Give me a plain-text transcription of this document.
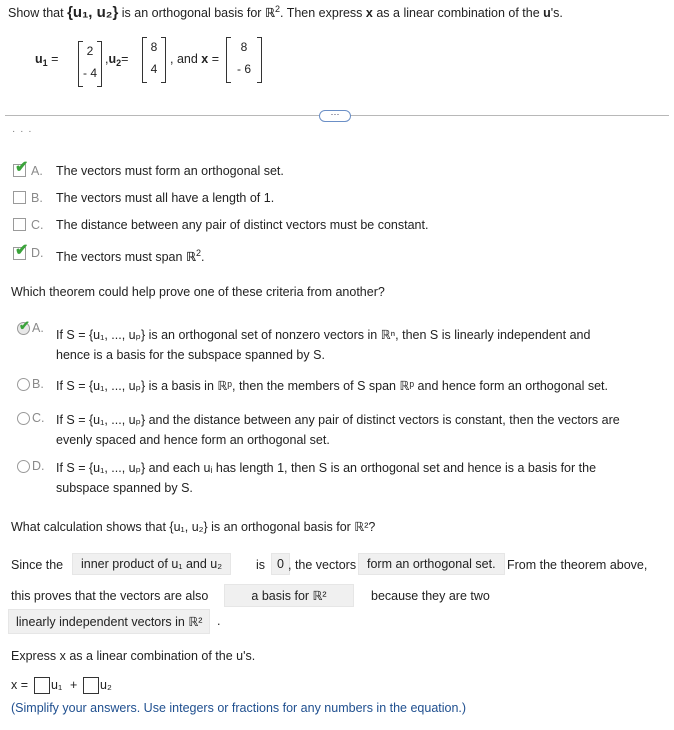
Show that {u₁, u₂} is an orthogonal basis for ℝ$^2$. Then express x as a linear combination of the u's.
$u_1$ =
2
- 4
$,u_2=$
8
4
, and x =
8
- 6
···
· · ·
✔ A. The vectors must form an orthogonal set.
B. The vectors must all have a length of 1.
C. The distance between any pair of distinct vectors must be constant.
✔ D. The vectors must span ℝ$^2$.
Which theorem could help prove one of these criteria from another?
✔ A. If S = {u₁, ..., uₚ} is an orthogonal set of nonzero vectors in ℝⁿ, then S is linearly independent and
hence is a basis for the subspace spanned by S.
B. If S = {u₁, ..., uₚ} is a basis in ℝᵖ, then the members of S span ℝᵖ and hence form an orthogonal set.
C. If S = {u₁, ..., uₚ} and the distance between any pair of distinct vectors is constant, then the vectors are
evenly spaced and hence form an orthogonal set.
D. If S = {u₁, ..., uₚ} and each uᵢ has length 1, then S is an orthogonal set and hence is a basis for the
subspace spanned by S.
What calculation shows that {u₁, u₂} is an orthogonal basis for ℝ²?
Since the	inner product of u₁ and u₂	is 0 , the vectors form an orthogonal set. From the theorem above,
this proves that the vectors are also	a basis for ℝ²	because they are two
linearly independent vectors in ℝ²	.
Express x as a linear combination of the u's.
x = u₁ + u₂
(Simplify your answers. Use integers or fractions for any numbers in the equation.)
